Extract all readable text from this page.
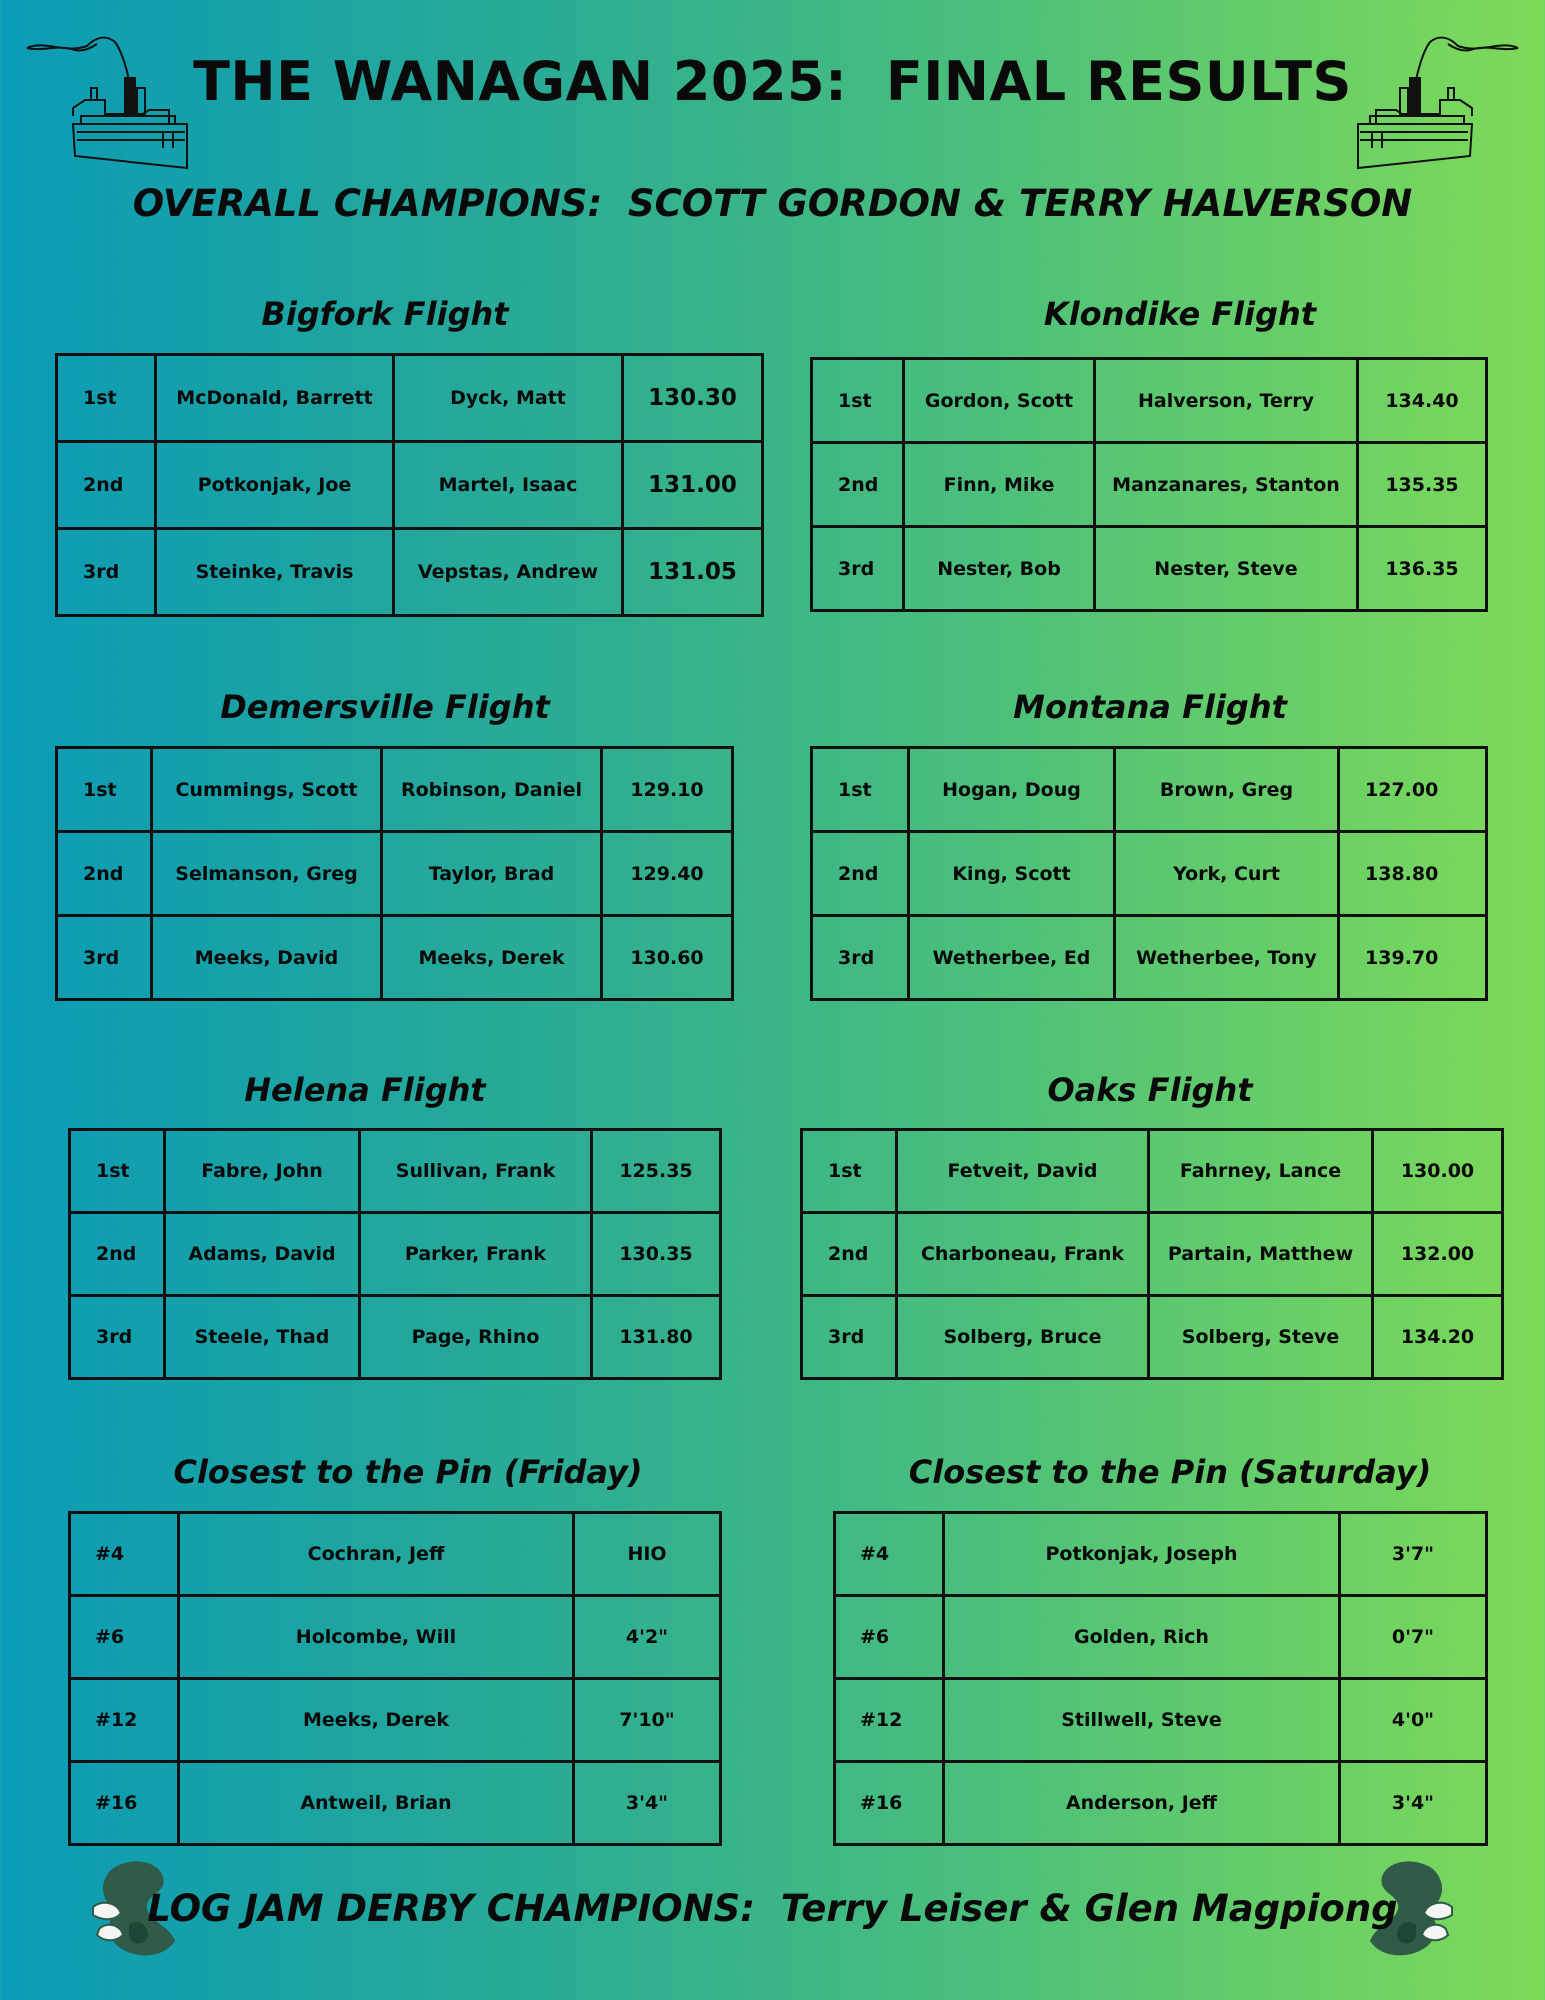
THE WANAGAN 2025:  FINAL RESULTS
OVERALL CHAMPIONS:  SCOTT GORDON & TERRY HALVERSON
Bigfork Flight
1st	McDonald, Barrett	Dyck, Matt	130.30
2nd	Potkonjak, Joe	Martel, Isaac	131.00
3rd	Steinke, Travis	Vepstas, Andrew	131.05
Klondike Flight
1st	Gordon, Scott	Halverson, Terry	134.40
2nd	Finn, Mike	Manzanares, Stanton	135.35
3rd	Nester, Bob	Nester, Steve	136.35
Demersville Flight
1st	Cummings, Scott	Robinson, Daniel	129.10
2nd	Selmanson, Greg	Taylor, Brad	129.40
3rd	Meeks, David	Meeks, Derek	130.60
Montana Flight
1st	Hogan, Doug	Brown, Greg	127.00
2nd	King, Scott	York, Curt	138.80
3rd	Wetherbee, Ed	Wetherbee, Tony	139.70
Helena Flight
1st	Fabre, John	Sullivan, Frank	125.35
2nd	Adams, David	Parker, Frank	130.35
3rd	Steele, Thad	Page, Rhino	131.80
Oaks Flight
1st	Fetveit, David	Fahrney, Lance	130.00
2nd	Charboneau, Frank	Partain, Matthew	132.00
3rd	Solberg, Bruce	Solberg, Steve	134.20
Closest to the Pin (Friday)
#4	Cochran, Jeff	HIO
#6	Holcombe, Will	4'2"
#12	Meeks, Derek	7'10"
#16	Antweil, Brian	3'4"
Closest to the Pin (Saturday)
#4	Potkonjak, Joseph	3'7"
#6	Golden, Rich	0'7"
#12	Stillwell, Steve	4'0"
#16	Anderson, Jeff	3'4"
LOG JAM DERBY CHAMPIONS:  Terry Leiser & Glen Magpiong
